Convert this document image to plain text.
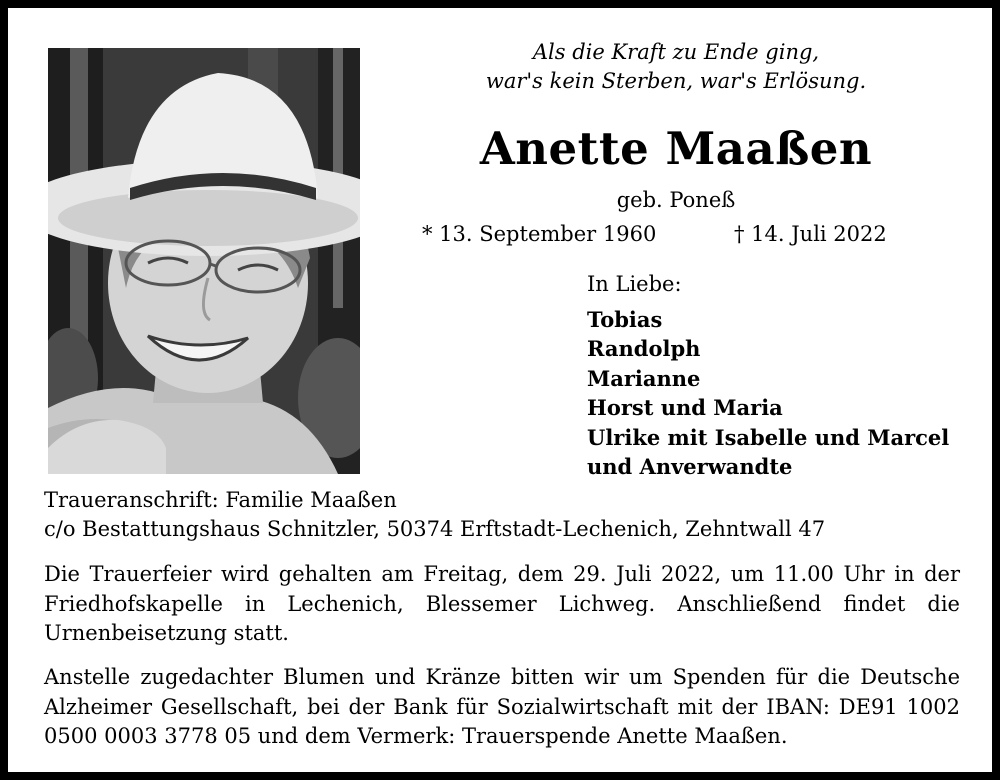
Als die Kraft zu Ende ging,
war's kein Sterben, war's Erlösung.
Anette Maaßen
geb. Poneß
* 13. September 1960	† 14. Juli 2022
In Liebe:
Tobias
Randolph
Marianne
Horst und Maria
Ulrike mit Isabelle und Marcel
und Anverwandte
Traueranschrift: Familie Maaßen
c/o Bestattungshaus Schnitzler, 50374 Erftstadt-Lechenich, Zehntwall 47
Die Trauerfeier wird gehalten am Freitag, dem 29. Juli 2022, um 11.00 Uhr in der Friedhofskapelle in Lechenich, Blessemer Lichweg. Anschließend findet die Urnenbeisetzung statt.
Anstelle zugedachter Blumen und Kränze bitten wir um Spenden für die Deutsche Alzheimer Gesellschaft, bei der Bank für Sozialwirtschaft mit der IBAN: DE91 1002 0500 0003 3778 05 und dem Vermerk: Trauerspende Anette Maaßen.
